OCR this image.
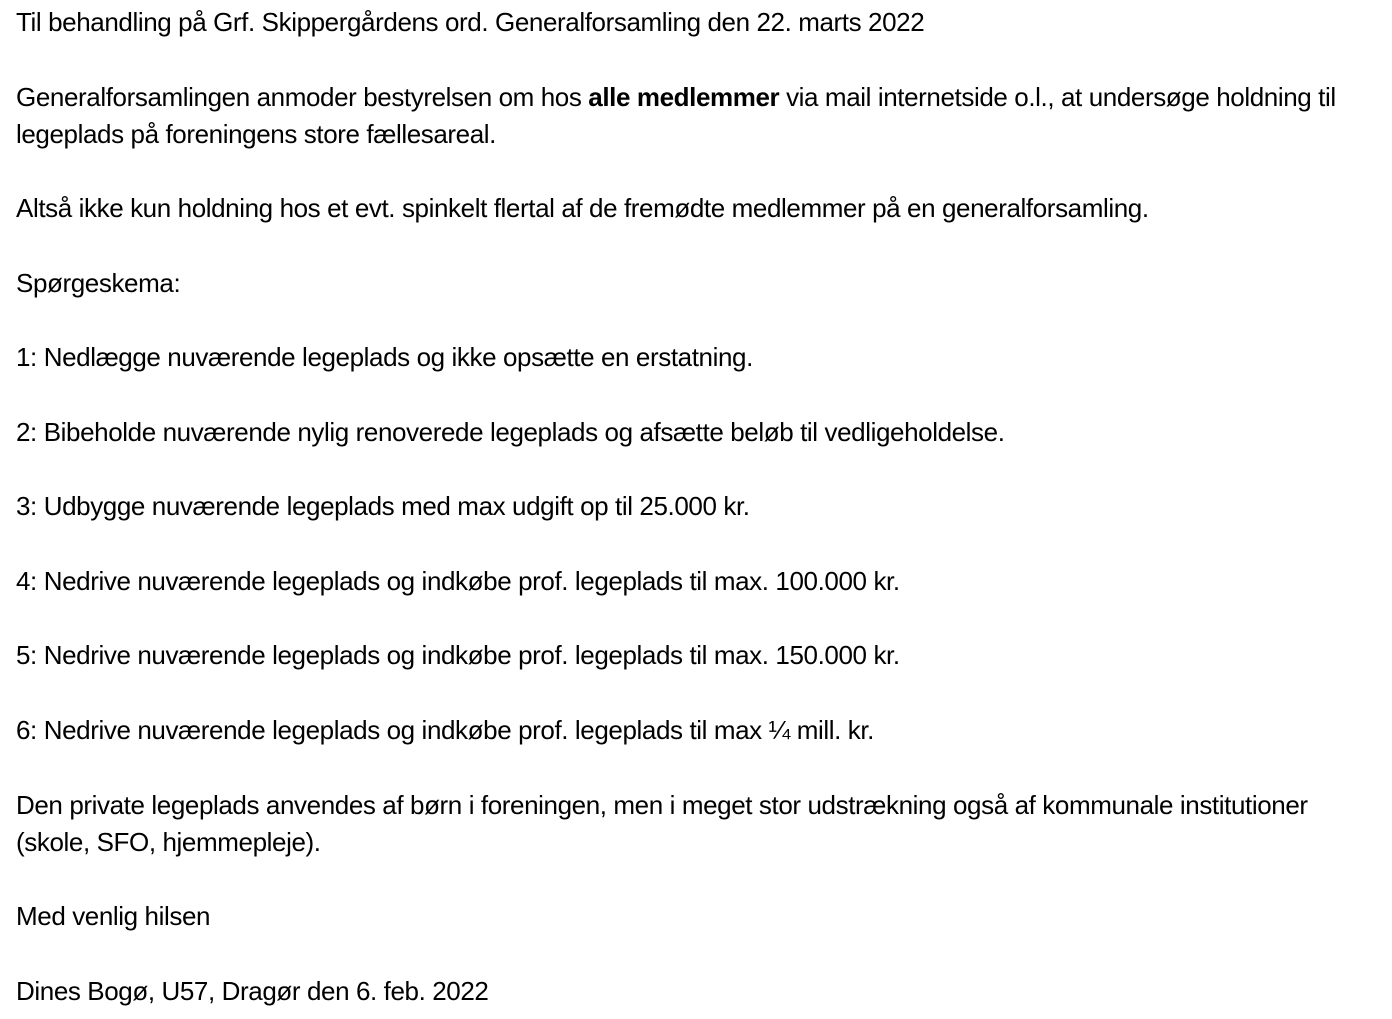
Til behandling på Grf. Skippergårdens ord. Generalforsamling den 22. marts 2022
Generalforsamlingen anmoder bestyrelsen om hos alle medlemmer via mail internetside o.l., at undersøge holdning til legeplads på foreningens store fællesareal.
Altså ikke kun holdning hos et evt. spinkelt flertal af de fremødte medlemmer på en generalforsamling.
Spørgeskema:
1: Nedlægge nuværende legeplads og ikke opsætte en erstatning.
2: Bibeholde nuværende nylig renoverede legeplads og afsætte beløb til vedligeholdelse.
3: Udbygge nuværende legeplads med max udgift op til 25.000 kr.
4: Nedrive nuværende legeplads og indkøbe prof. legeplads til max. 100.000 kr.
5: Nedrive nuværende legeplads og indkøbe prof. legeplads til max. 150.000 kr.
6: Nedrive nuværende legeplads og indkøbe prof. legeplads til max ¼ mill. kr.
Den private legeplads anvendes af børn i foreningen, men i meget stor udstrækning også af kommunale institutioner (skole, SFO, hjemmepleje).
Med venlig hilsen
Dines Bogø, U57, Dragør den 6. feb. 2022
